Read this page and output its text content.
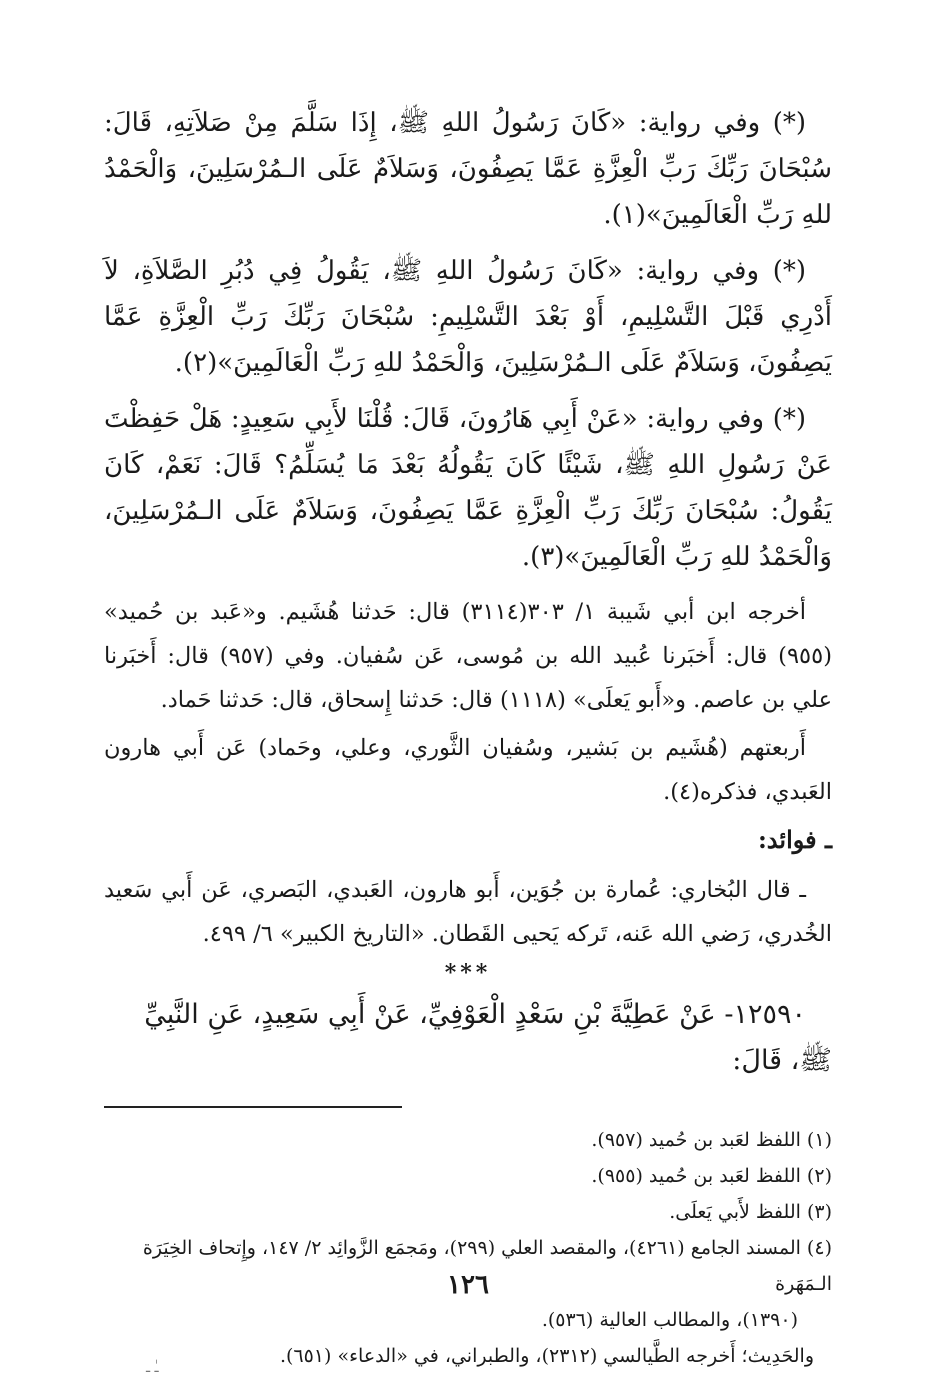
(*) وفي رواية: «كَانَ رَسُولُ اللهِ ﷺ، إِذَا سَلَّمَ مِنْ صَلاَتِهِ، قَالَ: سُبْحَانَ رَبِّكَ رَبِّ الْعِزَّةِ عَمَّا يَصِفُونَ، وَسَلاَمٌ عَلَى الـمُرْسَلِينَ، وَالْحَمْدُ للهِ رَبِّ الْعَالَمِينَ»(١).

(*) وفي رواية: «كَانَ رَسُولُ اللهِ ﷺ، يَقُولُ فِي دُبُرِ الصَّلاَةِ، لاَ أَدْرِي قَبْلَ التَّسْلِيمِ، أَوْ بَعْدَ التَّسْلِيمِ: سُبْحَانَ رَبِّكَ رَبِّ الْعِزَّةِ عَمَّا يَصِفُونَ، وَسَلاَمٌ عَلَى الـمُرْسَلِينَ، وَالْحَمْدُ للهِ رَبِّ الْعَالَمِينَ»(٢).

(*) وفي رواية: «عَنْ أَبِي هَارُونَ، قَالَ: قُلْنَا لأَبِي سَعِيدٍ: هَلْ حَفِظْتَ عَنْ رَسُولِ اللهِ ﷺ، شَيْئًا كَانَ يَقُولُهُ بَعْدَ مَا يُسَلِّمُ؟ قَالَ: نَعَمْ، كَانَ يَقُولُ: سُبْحَانَ رَبِّكَ رَبِّ الْعِزَّةِ عَمَّا يَصِفُونَ، وَسَلاَمٌ عَلَى الـمُرْسَلِينَ، وَالْحَمْدُ للهِ رَبِّ الْعَالَمِينَ»(٣).

أخرجه ابن أبي شَيبة ١/ ٣٠٣(٣١١٤) قال: حَدثنا هُشَيم. و«عَبد بن حُميد» (٩٥٥) قال: أَخبَرنا عُبيد الله بن مُوسى، عَن سُفيان. وفي (٩٥٧) قال: أَخبَرنا علي بن عاصم. و«أَبو يَعلَى» (١١١٨) قال: حَدثنا إِسحاق، قال: حَدثنا حَماد.

أَربعتهم (هُشَيم بن بَشير، وسُفيان الثَّوري، وعلي، وحَماد) عَن أَبي هارون العَبدي، فذكره(٤).

ـ فوائد:

ـ قال البُخاري: عُمارة بن جُوَين، أَبو هارون، العَبدي، البَصري، عَن أَبي سَعيد الخُدري، رَضي الله عَنه، تَركه يَحيى القَطان. «التاريخ الكبير» ٦/ ٤٩٩.

***

١٢٥٩٠- عَنْ عَطِيَّةَ بْنِ سَعْدٍ الْعَوْفِيِّ، عَنْ أَبِي سَعِيدٍ، عَنِ النَّبِيِّ ﷺ، قَالَ:

(١) اللفظ لعَبد بن حُميد (٩٥٧).

(٢) اللفظ لعَبد بن حُميد (٩٥٥).

(٣) اللفظ لأَبي يَعلَى.

(٤) المسند الجامع (٤٢٦١)، والمقصد العلي (٢٩٩)، ومَجمَع الزَّوائِد ٢/ ١٤٧، وإِتحاف الخِيَرَة الـمَهَرة

(١٣٩٠)، والمطالب العالية (٥٣٦).

والحَدِيث؛ أَخرجه الطَّيالسي (٢٣١٢)، والطبراني، في «الدعاء» (٦٥١).

١٢٦
ـٰ ـ
